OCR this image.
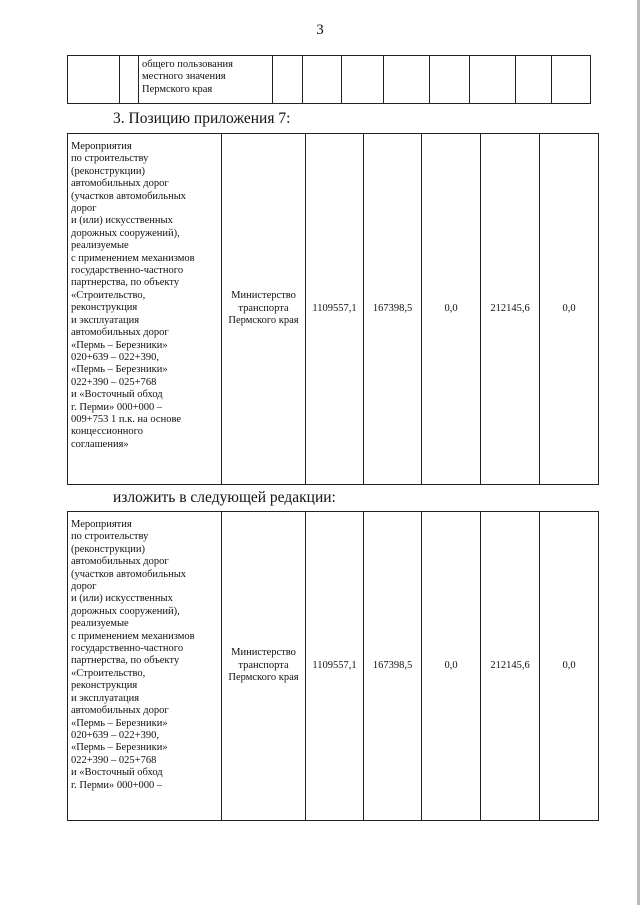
3
		общего пользования
местного значения
Пермского края								
3. Позицию приложения 7:
Мероприятия
по строительству
(реконструкции)
автомобильных дорог
(участков автомобильных
дорог
и (или) искусственных
дорожных сооружений),
реализуемые
с применением механизмов
государственно-частного
партнерства, по объекту
«Строительство,
реконструкция
и эксплуатация
автомобильных дорог
«Пермь – Березники»
020+639 – 022+390,
«Пермь – Березники»
022+390 – 025+768
и «Восточный обход
г. Перми» 000+000 –
009+753 1 п.к. на основе
концессионного
соглашения»	Министерство транспорта Пермского края	1109557,1	167398,5	0,0	212145,6	0,0
изложить в следующей редакции:
Мероприятия
по строительству
(реконструкции)
автомобильных дорог
(участков автомобильных
дорог
и (или) искусственных
дорожных сооружений),
реализуемые
с применением механизмов
государственно-частного
партнерства, по объекту
«Строительство,
реконструкция
и эксплуатация
автомобильных дорог
«Пермь – Березники»
020+639 – 022+390,
«Пермь – Березники»
022+390 – 025+768
и «Восточный обход
г. Перми» 000+000 –	Министерство транспорта Пермского края	1109557,1	167398,5	0,0	212145,6	0,0
